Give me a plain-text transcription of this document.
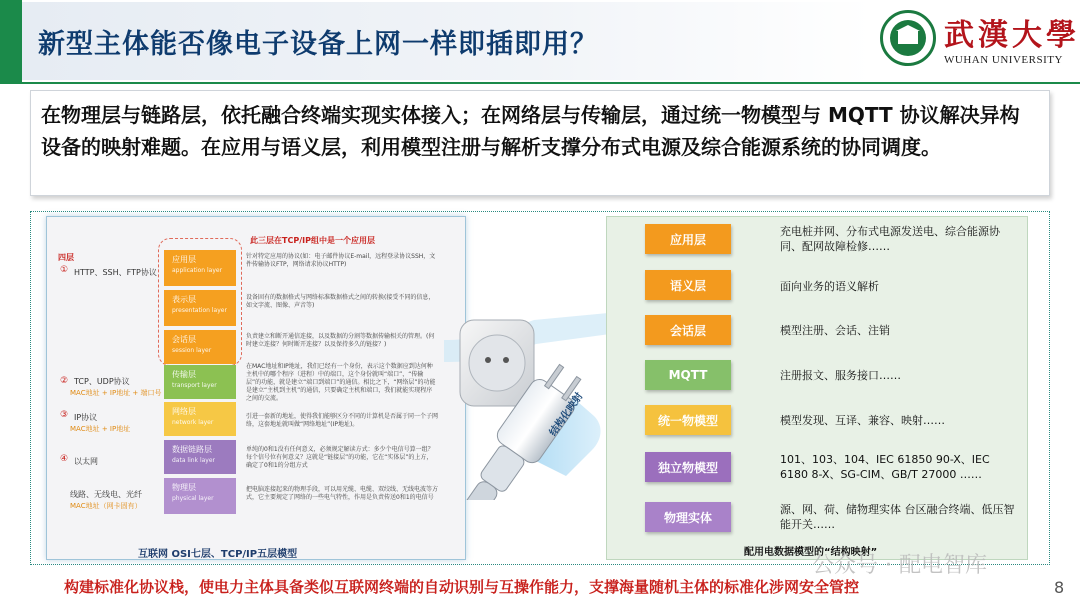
新型主体能否像电子设备上网一样即插即用？	武漢大學
WUHAN UNIVERSITY
在物理层与链路层，依托融合终端实现实体接入；在网络层与传输层，通过统一物模型与 MQTT 协议解决异构设备的映射难题。在应用与语义层，利用模型注册与解析支撑分布式电源及综合能源系统的协同调度。
此三层在TCP/IP组中是一个应用层
四层
① HTTP、SSH、FTP协议
② TCP、UDP协议
MAC地址 + IP地址 + 端口号
③ IP协议
MAC地址 + IP地址
④ 以太网
线路、无线电、光纤
MAC地址（网卡固有）
应用层
application layer
表示层
presentation layer
会话层
session layer
传输层
transport layer
网络层
network layer
数据链路层
data link layer
物理层
physical layer
针对特定应用的协议(如：电子邮件协议E-mail，远程登录协议SSH，文件传输协议FTP，网络请求协议HTTP)
设备固有的数据格式与网络标准数据格式之间的转换(接受不同的信息，如文字流、图像、声音等)
负责建立和断开通信连接，以及数据的分割等数据传输相关的管理。(何时建立连接？何时断开连接？以及保持多久的链接？)
在MAC地址和IP地址，我们已经有一个身份，表示这个数据应到达何种主机中的哪个程序（进程）中的端口，这个身份就叫“端口”，“传输层”的功能，就是建立“端口到端口”的通信。相比之下，“网络层”的功能是建立“主机到主机”的通信，只要确定主机和端口，我们就能实现程序之间的交流。
引进一套新的地址，使得我们能够区分不同的计算机是否属于同一个子网络，这套地址就叫做“网络地址”(IP地址)。
单纯的0和1没有任何意义，必须规定解读方式：多少个电信号算一组？每个信号位有何意义？这就是“链接层”的功能，它在“实体层”的上方，确定了0和1的分组方式
把电脑连接起来的物理手段，可以用光缆、电缆、双绞线、无线电波等方式，它主要规定了网络的一些电气特性，作用是负责传送0和1的电信号
互联网 OSI七层、TCP/IP五层模型
结构化映射
应用层
语义层
会话层
MQTT
统一物模型
独立物模型
物理实体
充电桩并网、分布式电源发送电、综合能源协同、配网故障检修……
面向业务的语义解析
模型注册、会话、注销
注册报文、服务接口……
模型发现、互译、兼容、映射……
101、103、104、IEC 61850 90-X、IEC 6180 8-X、SG-CIM、GB/T 27000 ……
源、网、荷、储物理实体 台区融合终端、低压智能开关……
配用电数据模型的“结构映射”
公众号 · 配电智库
构建标准化协议栈，使电力主体具备类似互联网终端的自动识别与互操作能力，支撑海量随机主体的标准化涉网安全管控	8
